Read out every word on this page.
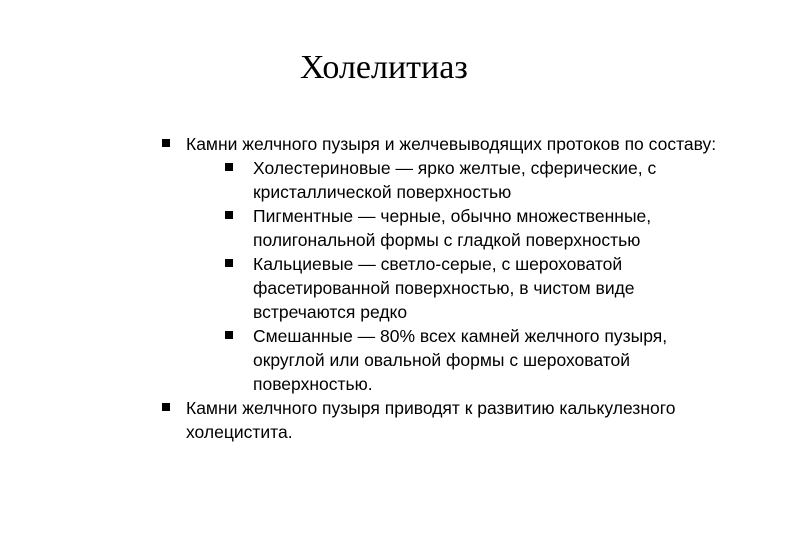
Холелитиаз
Камни желчного пузыря и желчевыводящих протоков по составу:
Холестериновые — ярко желтые, сферические, с кристаллической поверхностью
Пигментные — черные, обычно множественные, полигональной формы с гладкой поверхностью
Кальциевые — светло-серые, с шероховатой фасетированной поверхностью, в чистом виде встречаются редко
Смешанные — 80% всех камней желчного пузыря, округлой или овальной формы с шероховатой поверхностью.
Камни желчного пузыря приводят к развитию калькулезного холецистита.
